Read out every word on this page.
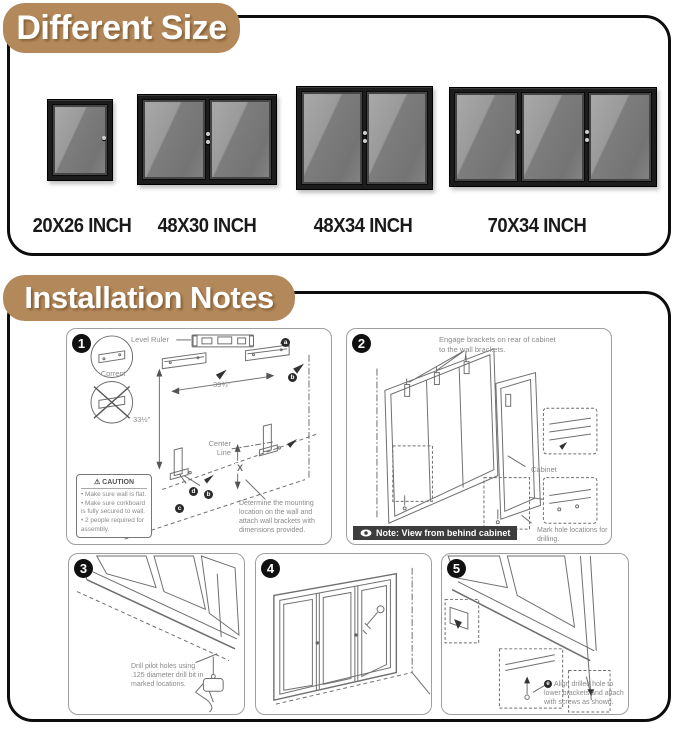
Different Size
20X26 INCH 48X30 INCH	48X34 INCH	70X34 INCH
Installation Notes
1	Level Ruler
Correct
33½"
39¾"
Center
Line
X
a
b
d	b
c
⚠ CAUTION
• Make sure wall is flat.
• Make sure corkboard is fully secured to wall.
• 2 people required for assembly.
Determine the mounting location on the wall and attach wall brackets with dimensions provided.
2	Engage brackets on rear of cabinet to the wall brackets.
Cabinet
Mark hole locations for drilling.
Note: View from behind cabinet
3
Drill pilot holes using .125 diameter drill bit in marked locations.
4	5
e Align drilled hole to lower brackets and attach with screws as shown.
